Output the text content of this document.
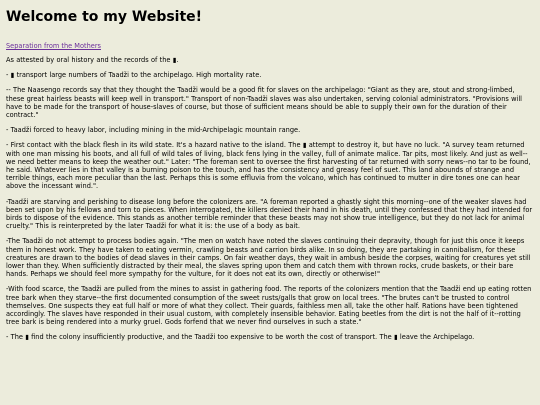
Welcome to my Website!
Separation from the Mothers

As attested by oral history and the records of the ▮.

- ▮ transport large numbers of Taadži to the archipelago. High mortality rate.

-- The Naasengo records say that they thought the Taadži would be a good fit for slaves on the archipelago: "Giant as they are, stout and strong-limbed, these great hairless beasts will keep well in transport." Transport of non-Taadži slaves was also undertaken, serving colonial administrators. "Provisions will have to be made for the transport of house-slaves of course, but those of sufficient means should be able to supply their own for the duration of their contract."

- Taadži forced to heavy labor, including mining in the mid-Archipelagic mountain range.

- First contact with the black flesh in its wild state. It's a hazard native to the island. The ▮ attempt to destroy it, but have no luck. "A survey team returned with one man missing his boots, and all full of wild tales of living, black fens lying in the valley, full of animate malice. Tar pits, most likely. And just as well--we need better means to keep the weather out." Later: "The foreman sent to oversee the first harvesting of tar returned with sorry news--no tar to be found, he said. Whatever lies in that valley is a burning poison to the touch, and has the consistency and greasy feel of suet. This land abounds of strange and terrible things, each more peculiar than the last. Perhaps this is some effluvia from the volcano, which has continued to mutter in dire tones one can hear above the incessant wind.".

-Taadži are starving and perishing to disease long before the colonizers are. "A foreman reported a ghastly sight this morning--one of the weaker slaves had been set upon by his fellows and torn to pieces. When interrogated, the killers denied their hand in his death, until they confessed that they had intended for birds to dispose of the evidence. This stands as another terrible reminder that these beasts may not show true intelligence, but they do not lack for animal cruelty." This is reinterpreted by the later Taadži for what it is: the use of a body as bait.

-The Taadži do not attempt to process bodies again. "The men on watch have noted the slaves continuing their depravity, though for just this once it keeps them in honest work. They have taken to eating vermin, crawling beasts and carrion birds alike. In so doing, they are partaking in cannibalism, for these creatures are drawn to the bodies of dead slaves in their camps. On fair weather days, they wait in ambush beside the corpses, waiting for creatures yet still lower than they. When sufficiently distracted by their meal, the slaves spring upon them and catch them with thrown rocks, crude baskets, or their bare hands. Perhaps we should feel more sympathy for the vulture, for it does not eat its own, directly or otherwise!"

-With food scarce, the Taadži are pulled from the mines to assist in gathering food. The reports of the colonizers mention that the Taadži end up eating rotten tree bark when they starve--the first documented consumption of the sweet rusts/galls that grow on local trees. "The brutes can't be trusted to control themselves. One suspects they eat full half or more of what they collect. Their guards, faithless men all, take the other half. Rations have been tightened accordingly. The slaves have responded in their usual custom, with completely insensible behavior. Eating beetles from the dirt is not the half of it--rotting tree bark is being rendered into a murky gruel. Gods forfend that we never find ourselves in such a state."

- The ▮ find the colony insufficiently productive, and the Taadži too expensive to be worth the cost of transport. The ▮ leave the Archipelago.
